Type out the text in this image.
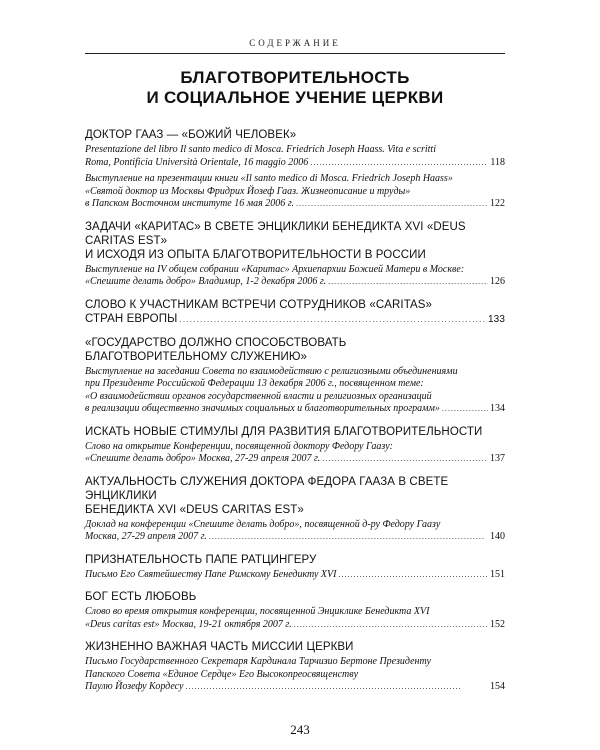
СОДЕРЖАНИЕ
БЛАГОТВОРИТЕЛЬНОСТЬ
И СОЦИАЛЬНОЕ УЧЕНИЕ ЦЕРКВИ
ДОКТОР ГААЗ — «БОЖИЙ ЧЕЛОВЕК»
Presentazione del libro Il santo medico di Mosca. Friedrich Joseph Haass. Vita e scritti
Roma, Pontificia Università Orientale, 16 maggio 2006 . . .	118
Выступление на презентации книги «Il santo medico di Mosca. Friedrich Joseph Haass»
«Святой доктор из Москвы Фридрих Йозеф Гааз. Жизнеописание и труды»
в Папском Восточном институте 16 мая 2006 г. . . .	122
ЗАДАЧИ «КАРИТАС» В СВЕТЕ ЭНЦИКЛИКИ БЕНЕДИКТА XVI «DEUS CARITAS EST»
И ИСХОДЯ ИЗ ОПЫТА БЛАГОТВОРИТЕЛЬНОСТИ В РОССИИ
Выступление на IV общем собрании «Каритас» Архиепархии Божией Матери в Москве:
«Спешите делать добро» Владимир, 1-2 декабря 2006 г. . . .	126
СЛОВО К УЧАСТНИКАМ ВСТРЕЧИ СОТРУДНИКОВ «CARITAS»
СТРАН ЕВРОПЫ . . .	133
«ГОСУДАРСТВО ДОЛЖНО СПОСОБСТВОВАТЬ
БЛАГОТВОРИТЕЛЬНОМУ СЛУЖЕНИЮ»
Выступление на заседании Совета по взаимодействию с религиозными объединениями
при Президенте Российской Федерации 13 декабря 2006 г., посвященном теме:
«О взаимодействии органов государственной власти и религиозных организаций
в реализации общественно значимых социальных и благотворительных программ» . . .	134
ИСКАТЬ НОВЫЕ СТИМУЛЫ ДЛЯ РАЗВИТИЯ БЛАГОТВОРИТЕЛЬНОСТИ
Слово на открытие Конференции, посвященной доктору Федору Гаазу:
«Спешите делать добро» Москва, 27-29 апреля 2007 г. . . .	137
АКТУАЛЬНОСТЬ СЛУЖЕНИЯ ДОКТОРА ФЕДОРА ГААЗА В СВЕТЕ ЭНЦИКЛИКИ
БЕНЕДИКТА XVI «DEUS CARITAS EST»
Доклад на конференции «Спешите делать добро», посвященной д-ру Федору Гаазу
Москва, 27-29 апреля 2007 г. . . .	140
ПРИЗНАТЕЛЬНОСТЬ ПАПЕ РАТЦИНГЕРУ
Письмо Его Святейшеству Папе Римскому Бенедикту XVI . . .	151
БОГ ЕСТЬ ЛЮБОВЬ
Слово во время открытия конференции, посвященной Энциклике Бенедикта XVI
«Deus caritas est» Москва, 19-21 октября 2007 г. . . .	152
ЖИЗНЕННО ВАЖНАЯ ЧАСТЬ МИССИИ ЦЕРКВИ
Письмо Государственного Секретаря Кардинала Тарчизио Бертоне Президенту
Папского Совета «Единое Сердце» Его Высокопреосвященству
Паулю Йозефу Кордесу . . .	154
243
